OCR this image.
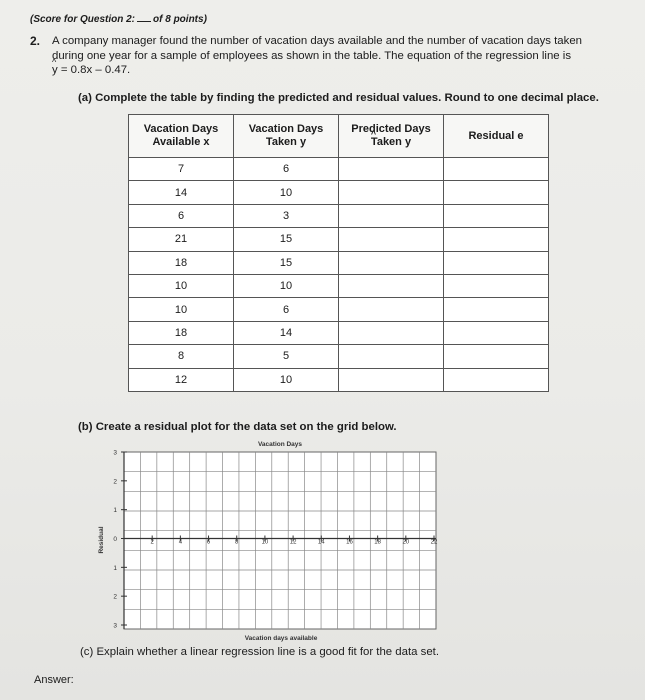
(Score for Question 2: of 8 points)
2. A company manager found the number of vacation days available and the number of vacation days taken

during one year for a sample of employees as shown in the table. The equation of the regression line is

^ y = 0.8x – 0.47.

(a) Complete the table by finding the predicted and residual values. Round to one decimal place.
Vacation Days
Available x	Vacation Days
Taken y	Predicted Days
^ Taken y	Residual e
7	6		
14	10		
6	3		
21	15		
18	15		
10	10		
10	6		
18	14		
8	5		
12	10		
(b) Create a residual plot for the data set on the grid below.
2	4	6	8	10	12	14	16	18	20	22
3
2
1
0
1
2
3
Vacation Days
Vacation days available
Residual
(c) Explain whether a linear regression line is a good fit for the data set.
Answer:
